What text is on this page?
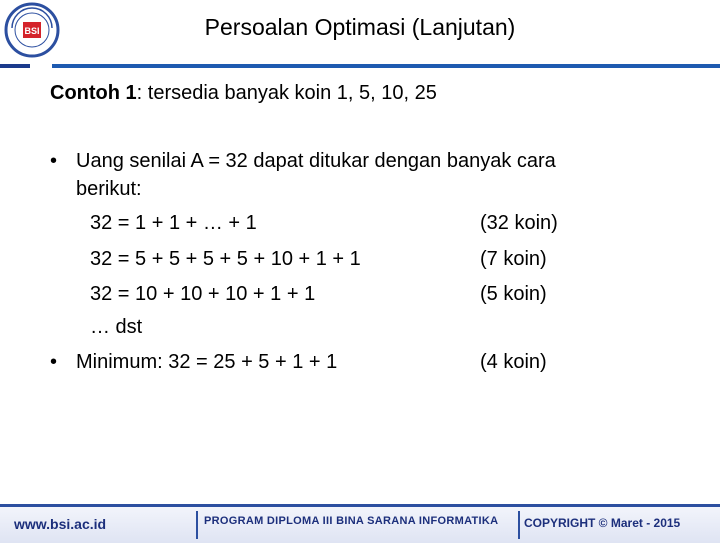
BSI	Persoalan Optimasi (Lanjutan)
Contoh 1: tersedia banyak koin 1, 5, 10, 25
• Uang senilai A = 32 dapat ditukar dengan banyak cara
berikut:
32 = 1 + 1 + … + 1	(32 koin)
32 = 5 + 5 + 5 + 5 + 10 + 1 + 1	(7 koin)
32 = 10 + 10 + 10 + 1 + 1	(5 koin)
… dst
• Minimum: 32 = 25 + 5 + 1 + 1	(4 koin)
www.bsi.ac.id	PROGRAM DIPLOMA III BINA SARANA INFORMATIKA COPYRIGHT © Maret - 2015
